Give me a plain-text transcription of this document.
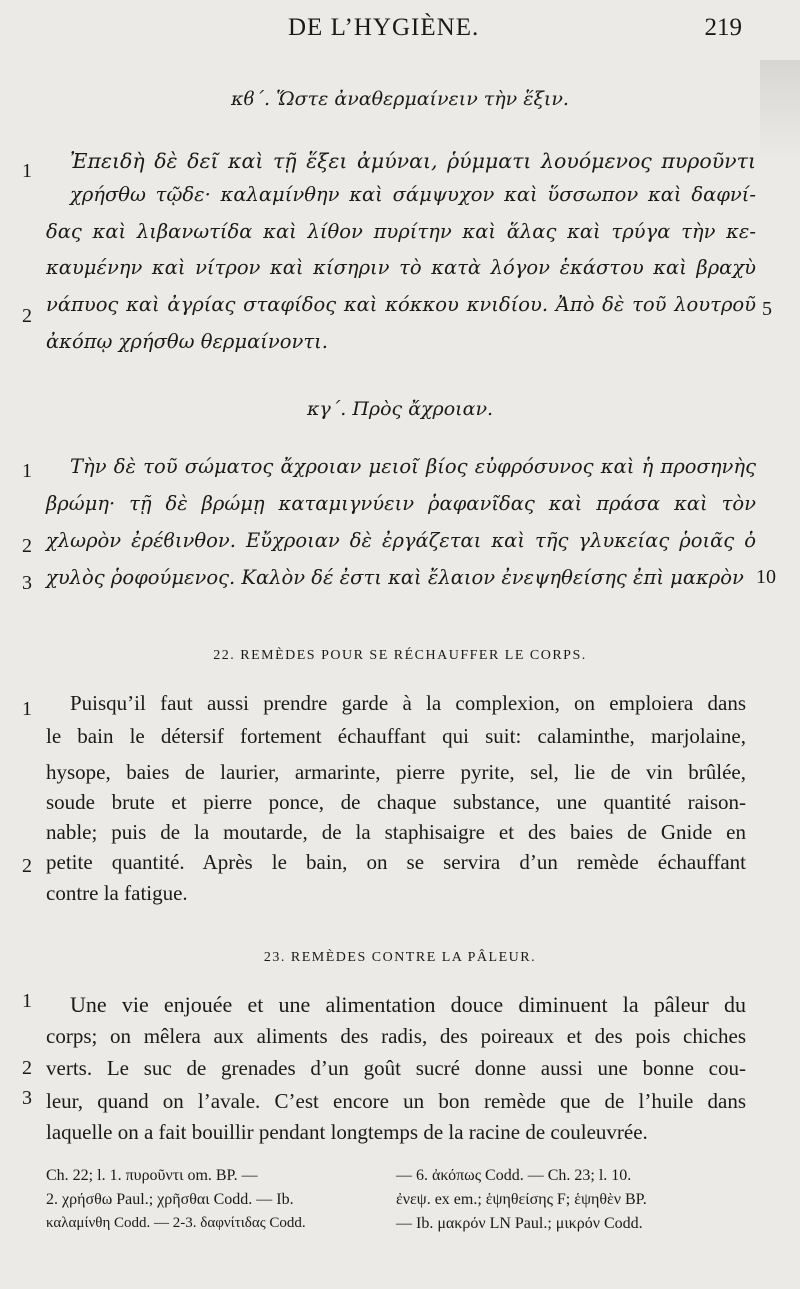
DE L’HYGIÈNE.	219
κϐ΄. Ὥστε ἀναθερμαίνειν τὴν ἕξιν.
1 Ἐπειδὴ δὲ δεῖ καὶ τῇ ἕξει ἀμύναι, ῥύμματι λουόμενος πυροῦντι
χρήσθω τῷδε· καλαμίνθην καὶ σάμψυχον καὶ ὕσσωπον καὶ δαφνί-
δας καὶ λιβανωτίδα καὶ λίθον πυρίτην καὶ ἅλας καὶ τρύγα τὴν κε-
καυμένην καὶ νίτρον καὶ κίσηριν τὸ κατὰ λόγον ἑκάστου καὶ βραχὺ
2 νάπυος καὶ ἀγρίας σταφίδος καὶ κόκκου κνιδίου. Ἀπὸ δὲ τοῦ λουτροῦ 5
ἀκόπῳ χρήσθω θερμαίνοντι.
κγ΄. Πρὸς ἄχροιαν.
1 Τὴν δὲ τοῦ σώματος ἄχροιαν μειοῖ βίος εὐφρόσυνος καὶ ἡ προσηνὴς
βρώμη· τῇ δὲ βρώμῃ καταμιγνύειν ῥαφανῖδας καὶ πράσα καὶ τὸν
2 χλωρὸν ἐρέϐινθον. Εὔχροιαν δὲ ἐργάζεται καὶ τῆς γλυκείας ῥοιᾶς ὁ
3 χυλὸς ῥοφούμενος. Καλὸν δέ ἐστι καὶ ἔλαιον ἐνεψηθείσης ἐπὶ μακρὸν 10
22. REMÈDES POUR SE RÉCHAUFFER LE CORPS.
1 Puisqu’il faut aussi prendre garde à la complexion, on emploiera dans
le bain le détersif fortement échauffant qui suit: calaminthe, marjolaine,
hysope, baies de laurier, armarinte, pierre pyrite, sel, lie de vin brûlée,
soude brute et pierre ponce, de chaque substance, une quantité raison-
nable; puis de la moutarde, de la staphisaigre et des baies de Gnide en
2 petite quantité. Après le bain, on se servira d’un remède échauffant
contre la fatigue.
23. REMÈDES CONTRE LA PÂLEUR.
1 Une vie enjouée et une alimentation douce diminuent la pâleur du
corps; on mêlera aux aliments des radis, des poireaux et des pois chiches
2 verts. Le suc de grenades d’un goût sucré donne aussi une bonne cou-
3 leur, quand on l’avale. C’est encore un bon remède que de l’huile dans
laquelle on a fait bouillir pendant longtemps de la racine de couleuvrée.
Ch. 22; l. 1. πυροῦντι om. BP. —
2. χρήσθω Paul.; χρῆσθαι Codd. — Ib.
καλαμίνθη Codd. — 2-3. δαφνίτιδας Codd.
— 6. ἀκόπως Codd. — Ch. 23; l. 10.
ἐνεψ. ex em.; ἑψηθείσης F; ἑψηθὲν BP.
— Ib. μακρόν LN Paul.; μικρόν Codd.
